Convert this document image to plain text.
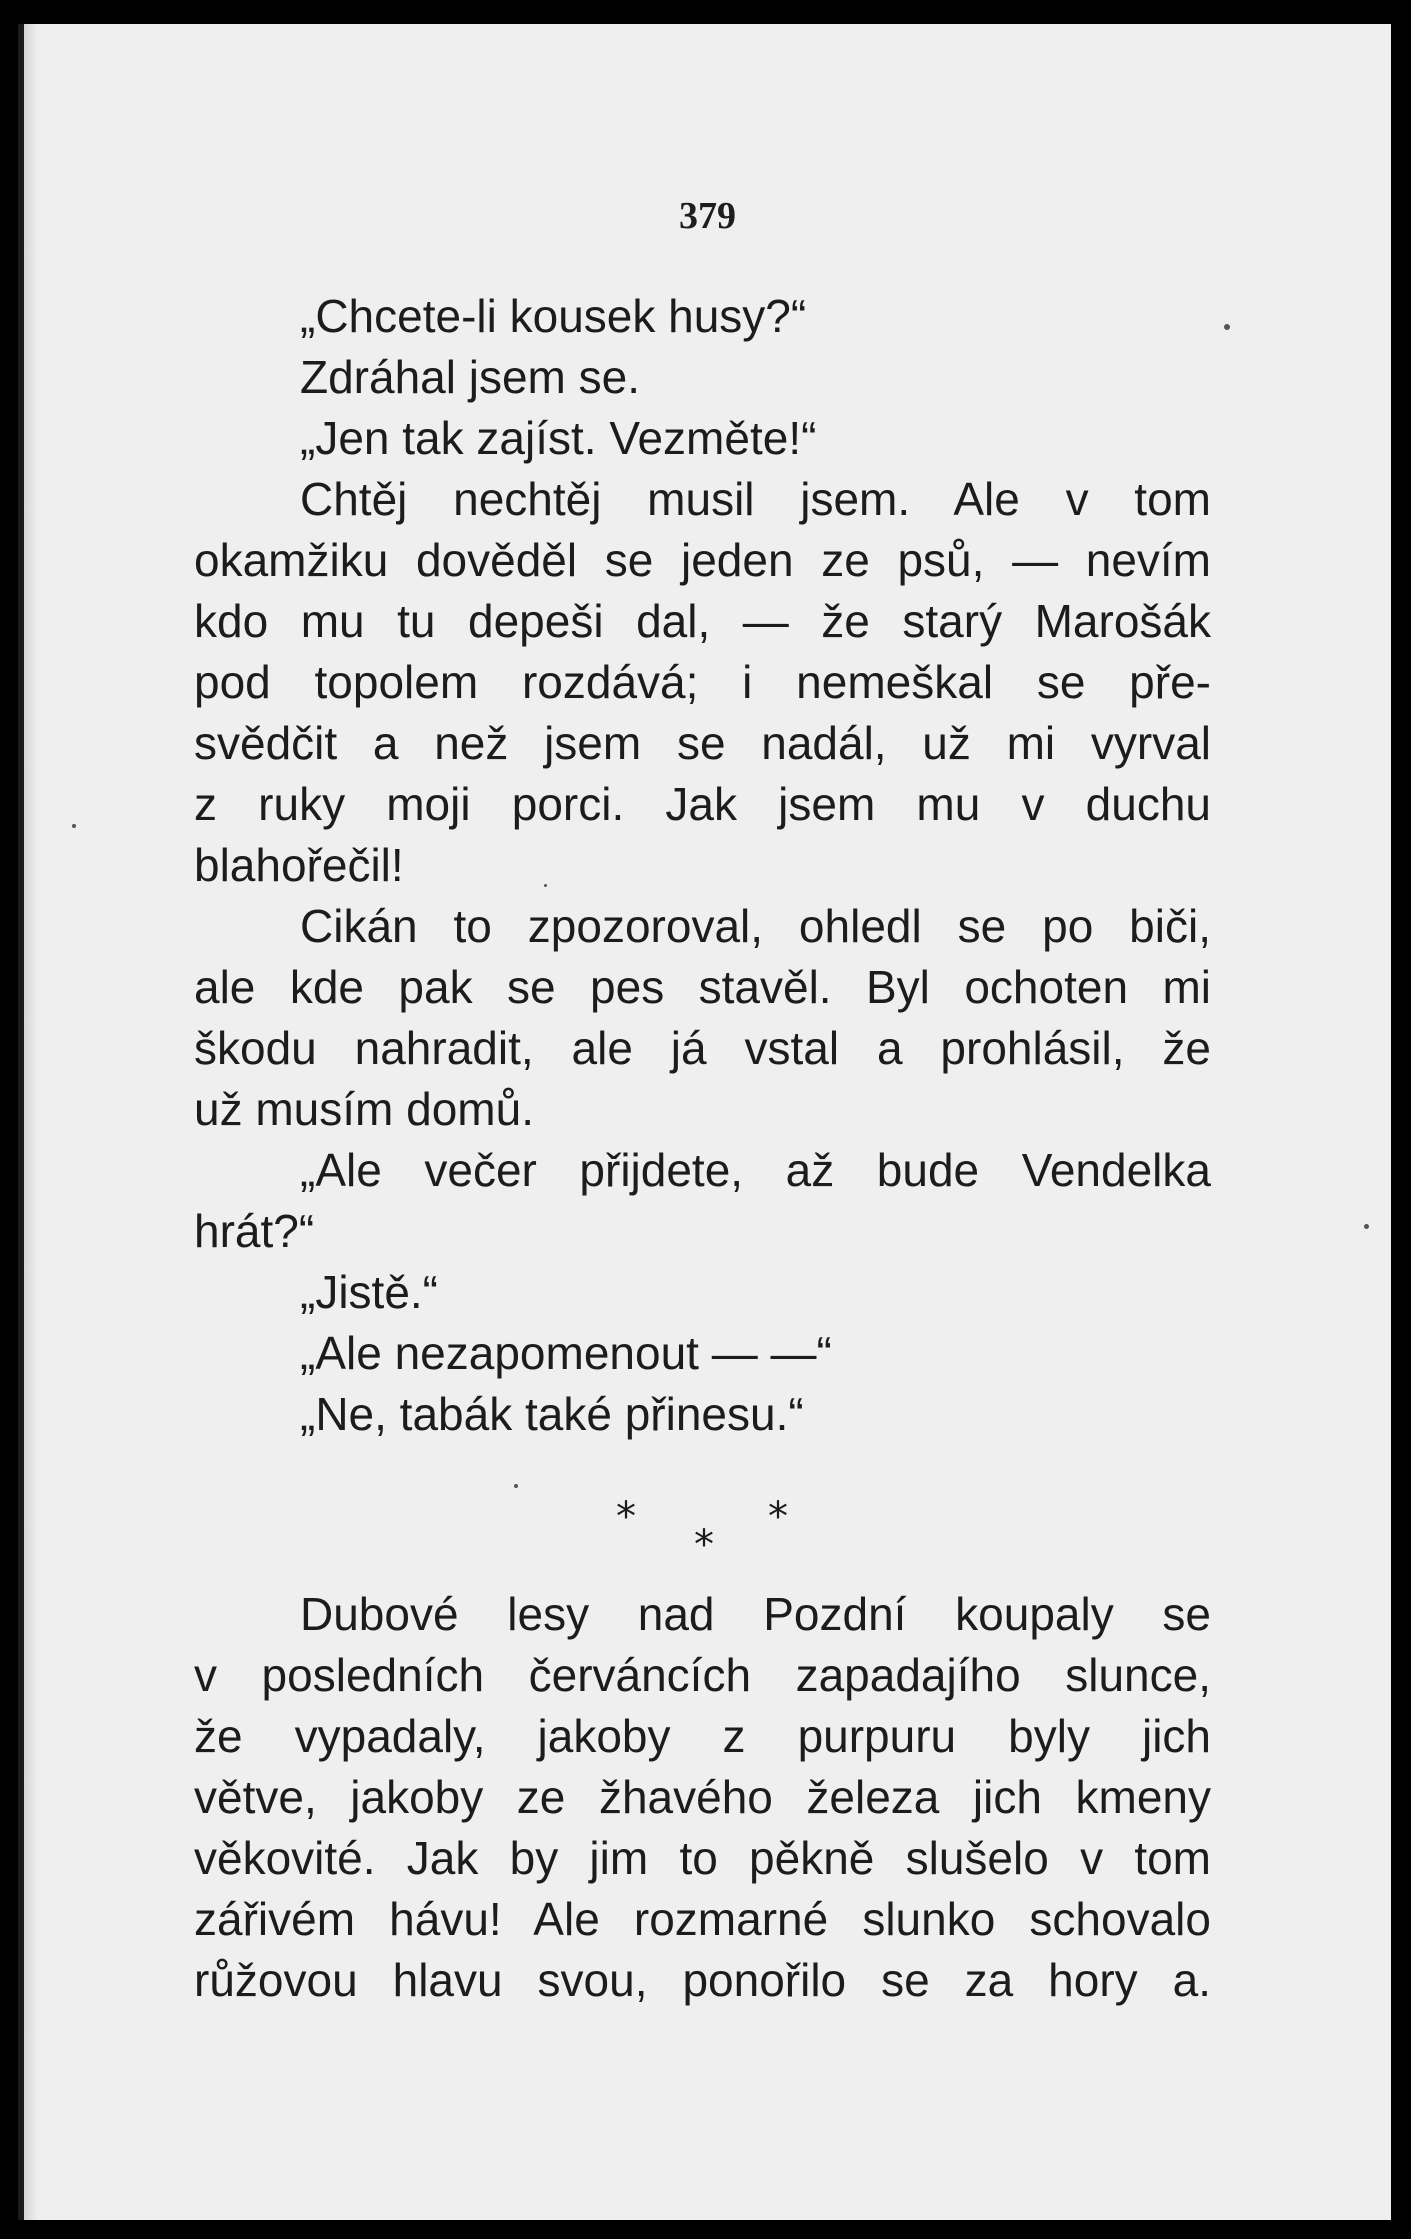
379
„Chcete-li kousek husy?“
Zdráhal jsem se.
„Jen tak zajíst. Vezměte!“
Chtěj nechtěj musil jsem. Ale v tom
okamžiku dověděl se jeden ze psů, — nevím
kdo mu tu depeši dal, — že starý Marošák
pod topolem rozdává; i nemeškal se pře-
svědčit a než jsem se nadál, už mi vyrval
z ruky moji porci. Jak jsem mu v duchu
blahořečil!
Cikán to zpozoroval, ohledl se po biči,
ale kde pak se pes stavěl. Byl ochoten mi
škodu nahradit, ale já vstal a prohlásil, že
už musím domů.
„Ale večer přijdete, až bude Vendelka
hrát?“
„Jistě.“
„Ale nezapomenout — —“
„Ne, tabák také přinesu.“
*	*
*
Dubové lesy nad Pozdní koupaly se
v posledních červáncích zapadajího slunce,
že vypadaly, jakoby z purpuru byly jich
větve, jakoby ze žhavého železa jich kmeny
věkovité. Jak by jim to pěkně slušelo v tom
zářivém hávu! Ale rozmarné slunko schovalo
růžovou hlavu svou, ponořilo se za hory a.
